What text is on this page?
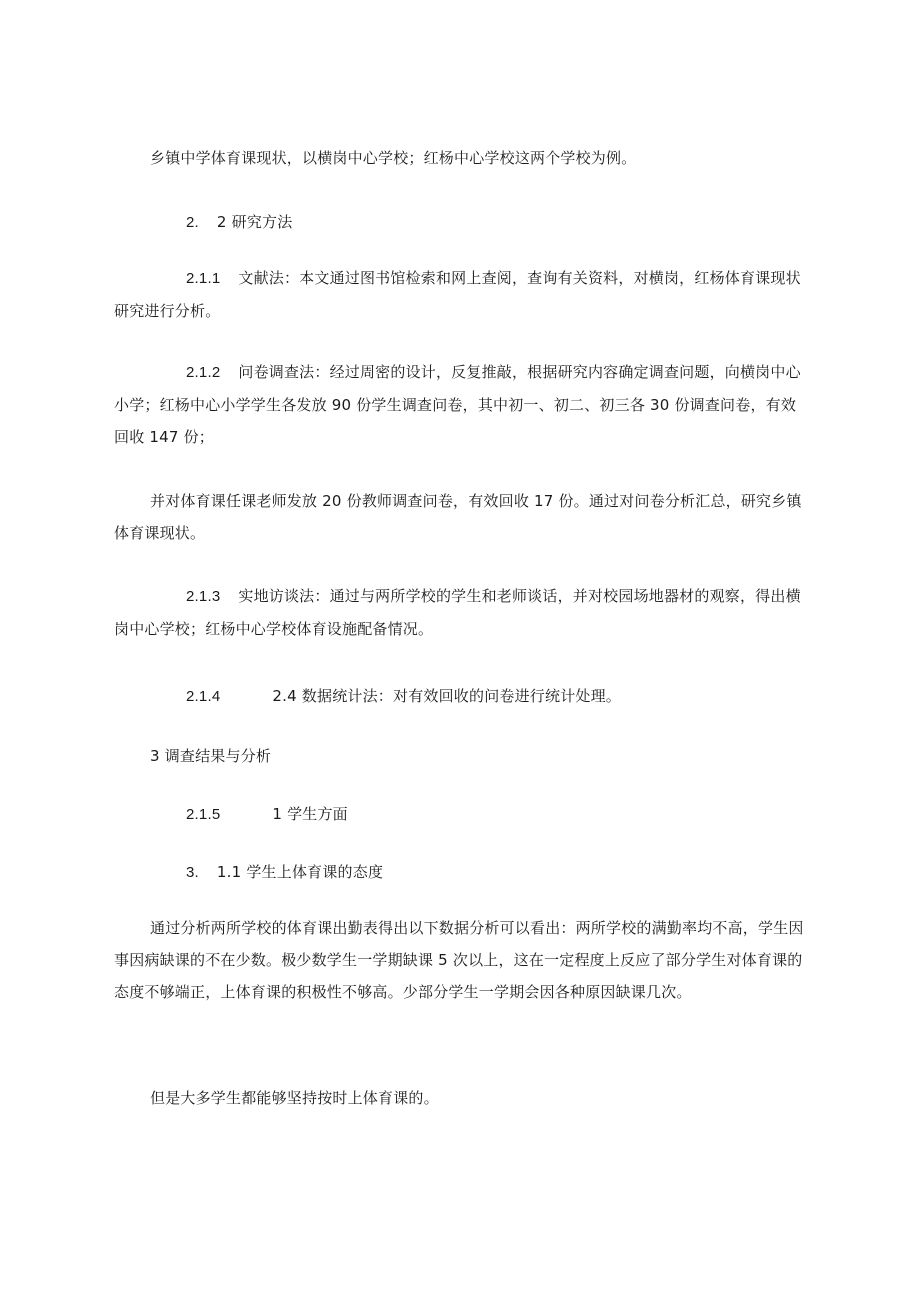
乡镇中学体育课现状，以横岗中心学校；红杨中心学校这两个学校为例。

2. 2 研究方法

2.1.1 文献法：本文通过图书馆检索和网上查阅，查询有关资料，对横岗，红杨体育课现状研究进行分析。

2.1.2 问卷调查法：经过周密的设计，反复推敲，根据研究内容确定调查问题，向横岗中心小学；红杨中心小学学生各发放 90 份学生调查问卷，其中初一、初二、初三各 30 份调查问卷，有效回收 147 份；

并对体育课任课老师发放 20 份教师调查问卷，有效回收 17 份。通过对问卷分析汇总，研究乡镇体育课现状。

2.1.3 实地访谈法：通过与两所学校的学生和老师谈话，并对校园场地器材的观察，得出横岗中心学校；红杨中心学校体育设施配备情况。

2.1.4	2.4 数据统计法：对有效回收的问卷进行统计处理。

3 调查结果与分析

2.1.5	1 学生方面

3. 1.1 学生上体育课的态度

通过分析两所学校的体育课出勤表得出以下数据分析可以看出：两所学校的满勤率均不高，学生因事因病缺课的不在少数。极少数学生一学期缺课 5 次以上，这在一定程度上反应了部分学生对体育课的态度不够端正，上体育课的积极性不够高。少部分学生一学期会因各种原因缺课几次。

但是大多学生都能够坚持按时上体育课的。
